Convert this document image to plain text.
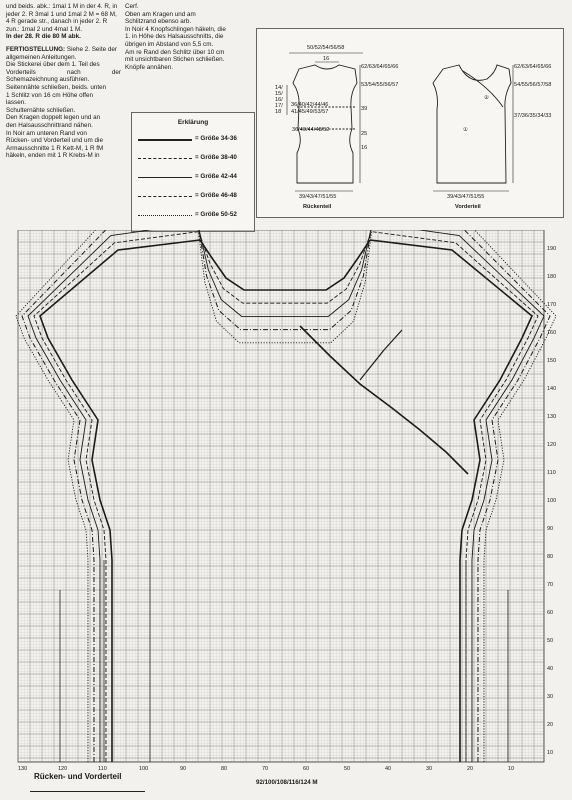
und beids. abk.: 1mal 1 M in der 4. R, in jeder 2. R 3mal 1 und 1mal 2 M = 68 M, 4 R gerade str., danach in jeder 2. R zun.: 1mal 2 und 4mal 1 M.

In der 28. R die 80 M abk.

FERTIGSTELLUNG: Siehe 2. Seite der allgemeinen Anleitungen.

Die Stickerei über dem 1. Teil des

Vorderteils nach der

Schemazeichnung ausführen.

Seitennähte schließen, beids. unten

1 Schlitz von 16 cm Höhe offen

lassen.

Schulternähte schließen.

Den Kragen doppelt legen und an

den Halsausschnittrand nähen.

In Noir am unteren Rand von

Rücken- und Vorderteil und um die

Armausschnitte 1 R Kett-M, 1 R fM

häkeln, enden mit 1 R Krebs-M in

Cerf.

Oben am Kragen und am

Schlitzrand ebenso arb.

In Noir 4 Knopfschlingen häkeln, die

1. in Höhe des Halsausschnitts, die

übrigen im Abstand von 5,5 cm.

Am re Rand den Schlitz über 10 cm

mit unsichtbaren Stichen schließen.

Knöpfe annähen.

Erklärung
= Größe 34-36
= Größe 38-40
= Größe 42-44
= Größe 46-48
= Größe 50-52
50/52/54/56/58
16
36/40/42/44/46
41/45/49/53/57
36/40/44/48/52
39/43/47/51/55
Rückenteil
14/
15/
16/
17/
18
62/63/64/65/66
53/54/55/56/57
39
25
16
②
①
39/43/47/51/55
Vorderteil
62/63/64/65/66
54/55/56/57/58
37/36/35/34/33
190
180
170
160
150
140
130
120
110
100
90
80
70
60
50
40
30
20
10
130	120	110	100	90	80	70	60	50	40	30	20	10
Rücken- und Vorderteil
92/100/108/116/124 M
